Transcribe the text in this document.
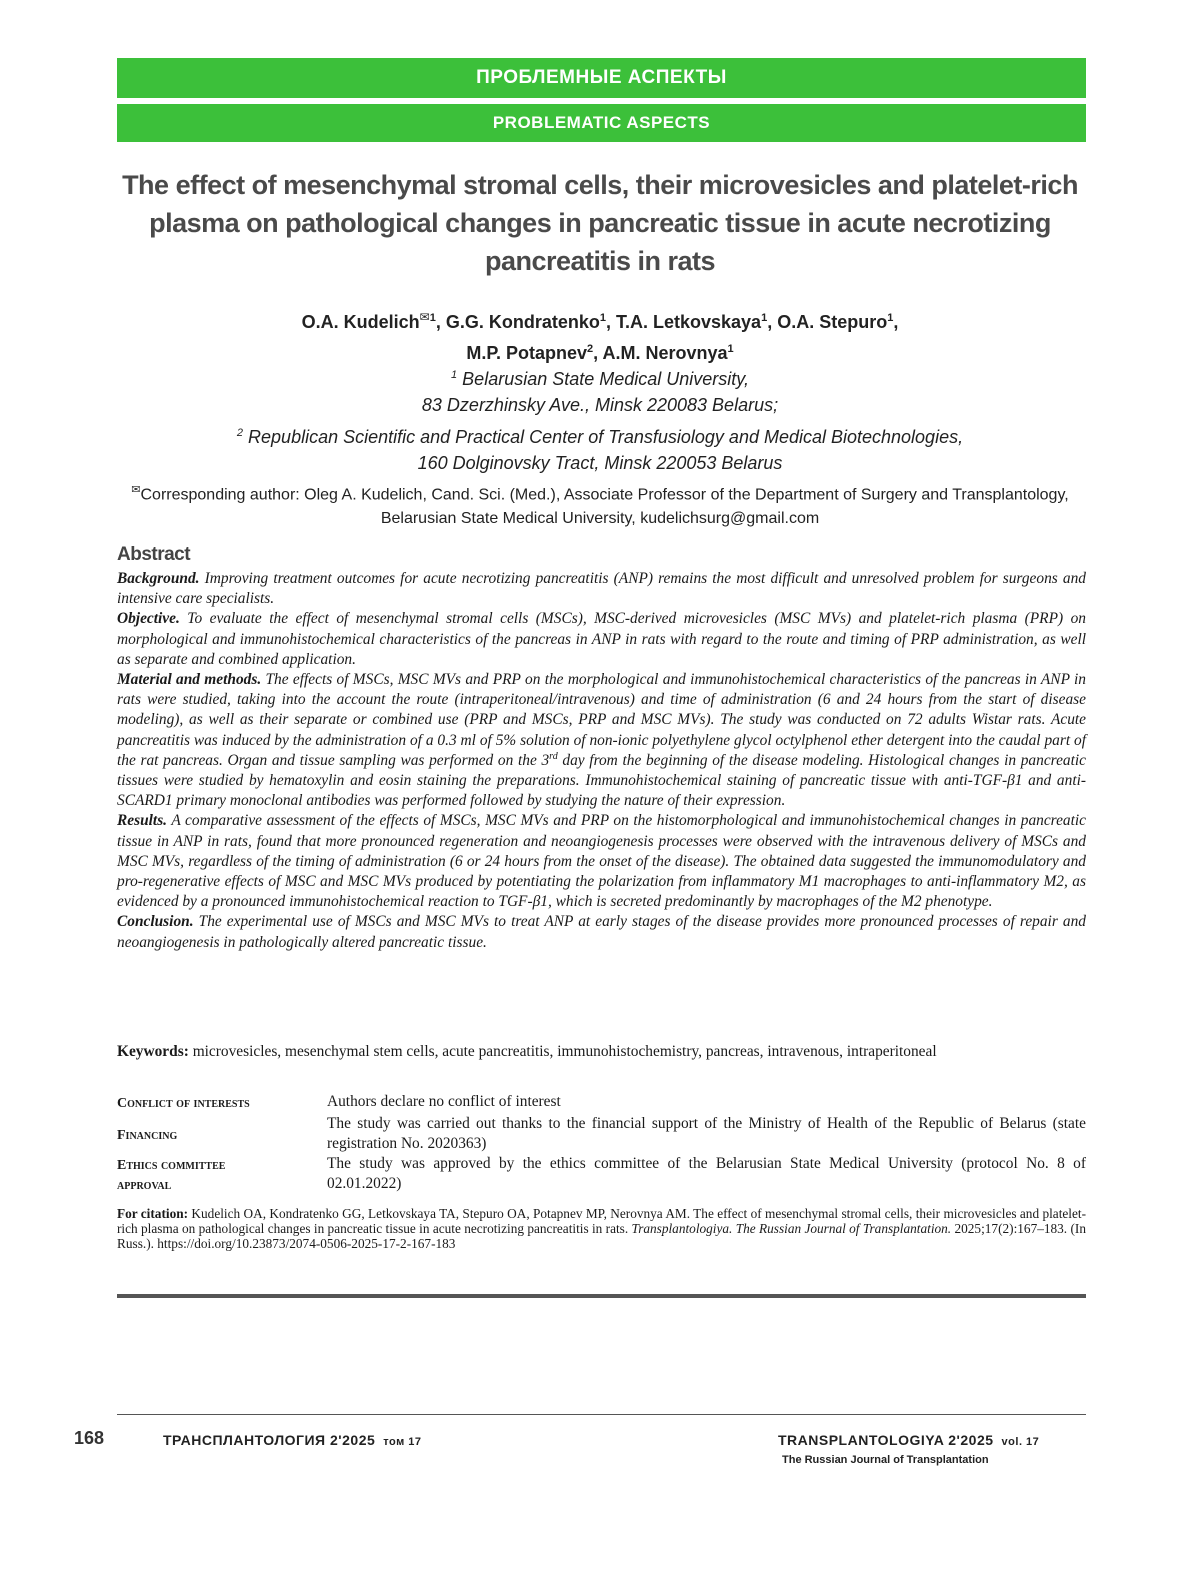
ПРОБЛЕМНЫЕ АСПЕКТЫ
PROBLEMATIC ASPECTS
The effect of mesenchymal stromal cells, their microvesicles and platelet-rich plasma on pathological changes in pancreatic tissue in acute necrotizing pancreatitis in rats
O.A. Kudelich$^{✉1}$, G.G. Kondratenko$^1$, T.A. Letkovskaya$^1$, O.A. Stepuro$^1$,
M.P. Potapnev$^2$, A.M. Nerovnya$^1$
$^1$ Belarusian State Medical University,
83 Dzerzhinsky Ave., Minsk 220083 Belarus;
$^2$ Republican Scientific and Practical Center of Transfusiology and Medical Biotechnologies,
160 Dolginovsky Tract, Minsk 220053 Belarus
✉Corresponding author: Oleg A. Kudelich, Cand. Sci. (Med.), Associate Professor of the Department of Surgery and Transplantology, Belarusian State Medical University, kudelichsurg@gmail.com
Abstract

Background. Improving treatment outcomes for acute necrotizing pancreatitis (ANP) remains the most difficult and unresolved problem for surgeons and intensive care specialists.

Objective. To evaluate the effect of mesenchymal stromal cells (MSCs), MSC-derived microvesicles (MSC MVs) and platelet-rich plasma (PRP) on morphological and immunohistochemical characteristics of the pancreas in ANP in rats with regard to the route and timing of PRP administration, as well as separate and combined application.

Material and methods. The effects of MSCs, MSC MVs and PRP on the morphological and immunohistochemical characteristics of the pancreas in ANP in rats were studied, taking into the account the route (intraperitoneal/intravenous) and time of administration (6 and 24 hours from the start of disease modeling), as well as their separate or combined use (PRP and MSCs, PRP and MSC MVs). The study was conducted on 72 adults Wistar rats. Acute pancreatitis was induced by the administration of a 0.3 ml of 5% solution of non-ionic polyethylene glycol octylphenol ether detergent into the caudal part of the rat pancreas. Organ and tissue sampling was performed on the 3rd day from the beginning of the disease modeling. Histological changes in pancreatic tissues were studied by hematoxylin and eosin staining the preparations. Immunohistochemical staining of pancreatic tissue with anti-TGF-β1 and anti-SCARD1 primary monoclonal antibodies was performed followed by studying the nature of their expression.

Results. A comparative assessment of the effects of MSCs, MSC MVs and PRP on the histomorphological and immunohistochemical changes in pancreatic tissue in ANP in rats, found that more pronounced regeneration and neoangiogenesis processes were observed with the intravenous delivery of MSCs and MSC MVs, regardless of the timing of administration (6 or 24 hours from the onset of the disease). The obtained data suggested the immunomodulatory and pro-regenerative effects of MSC and MSC MVs produced by potentiating the polarization from inflammatory M1 macrophages to anti-inflammatory M2, as evidenced by a pronounced immunohistochemical reaction to TGF-β1, which is secreted predominantly by macrophages of the M2 phenotype.

Conclusion. The experimental use of MSCs and MSC MVs to treat ANP at early stages of the disease provides more pronounced processes of repair and neoangiogenesis in pathologically altered pancreatic tissue.

Keywords: microvesicles, mesenchymal stem cells, acute pancreatitis, immunohistochemistry, pancreas, intravenous, intraperitoneal
Conflict of interests	Authors declare no conflict of interest

Financing	The study was carried out thanks to the financial support of the Ministry of Health of the Republic of Belarus (state registration No. 2020363)

Ethics committee
approval	The study was approved by the ethics committee of the Belarusian State Medical University (protocol No. 8 of 02.01.2022)
For citation: Kudelich OA, Kondratenko GG, Letkovskaya TA, Stepuro OA, Potapnev MP, Nerovnya AM. The effect of mesenchymal stromal cells, their microvesicles and platelet-rich plasma on pathological changes in pancreatic tissue in acute necrotizing pancreatitis in rats. Transplantologiya. The Russian Journal of Transplantation. 2025;17(2):167–183. (In Russ.). https://doi.org/10.23873/2074-0506-2025-17-2-167-183
168	ТРАНСПЛАНТОЛОГИЯ 2'2025 том 17	TRANSPLANTOLOGIYA 2'2025 vol. 17
The Russian Journal of Transplantation
